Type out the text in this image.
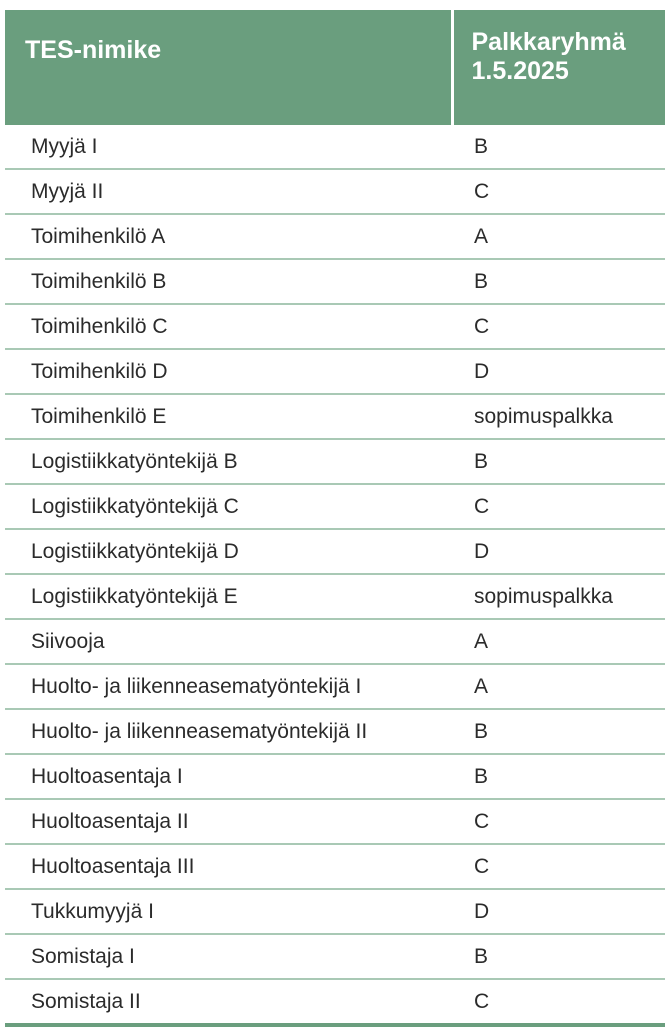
TES-nimike	Palkkaryhmä
1.5.2025
Myyjä I	B
Myyjä II	C
Toimihenkilö A	A
Toimihenkilö B	B
Toimihenkilö C	C
Toimihenkilö D	D
Toimihenkilö E	sopimuspalkka
Logistiikkatyöntekijä B	B
Logistiikkatyöntekijä C	C
Logistiikkatyöntekijä D	D
Logistiikkatyöntekijä E	sopimuspalkka
Siivooja	A
Huolto- ja liikenneasematyöntekijä I	A
Huolto- ja liikenneasematyöntekijä II	B
Huoltoasentaja I	B
Huoltoasentaja II	C
Huoltoasentaja III	C
Tukkumyyjä I	D
Somistaja I	B
Somistaja II	C
